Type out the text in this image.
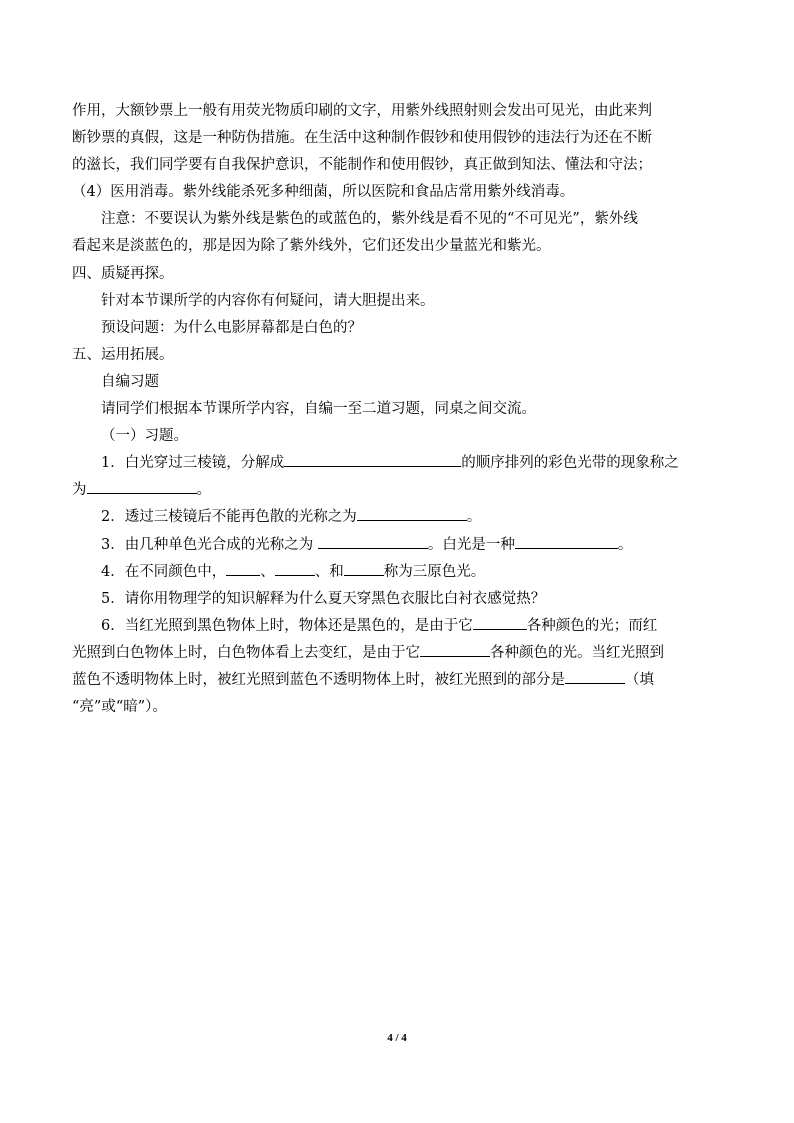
作用，大额钞票上一般有用荧光物质印刷的文字，用紫外线照射则会发出可见光，由此来判
断钞票的真假，这是一种防伪措施。在生活中这种制作假钞和使用假钞的违法行为还在不断
的滋长，我们同学要有自我保护意识，不能制作和使用假钞，真正做到知法、懂法和守法；
（4）医用消毒。紫外线能杀死多种细菌，所以医院和食品店常用紫外线消毒。
注意：不要误认为紫外线是紫色的或蓝色的，紫外线是看不见的“不可见光”，紫外线
看起来是淡蓝色的，那是因为除了紫外线外，它们还发出少量蓝光和紫光。
四、质疑再探。
针对本节课所学的内容你有何疑问，请大胆提出来。
预设问题：为什么电影屏幕都是白色的？
五、运用拓展。
自编习题
请同学们根据本节课所学内容，自编一至二道习题，同桌之间交流。
（一）习题。
1．白光穿过三棱镜，分解成	的顺序排列的彩色光带的现象称之
为	。
2．透过三棱镜后不能再色散的光称之为	。
3．由几种单色光合成的光称之为	。白光是一种	。
4．在不同颜色中， 、	、和	称为三原色光。
5．请你用物理学的知识解释为什么夏天穿黑色衣服比白衬衣感觉热？
6．当红光照到黑色物体上时，物体还是黑色的，是由于它	各种颜色的光；而红
光照到白色物体上时，白色物体看上去变红，是由于它	各种颜色的光。当红光照到
蓝色不透明物体上时，被红光照到蓝色不透明物体上时，被红光照到的部分是	（填
“亮”或“暗”）。
4 / 4
